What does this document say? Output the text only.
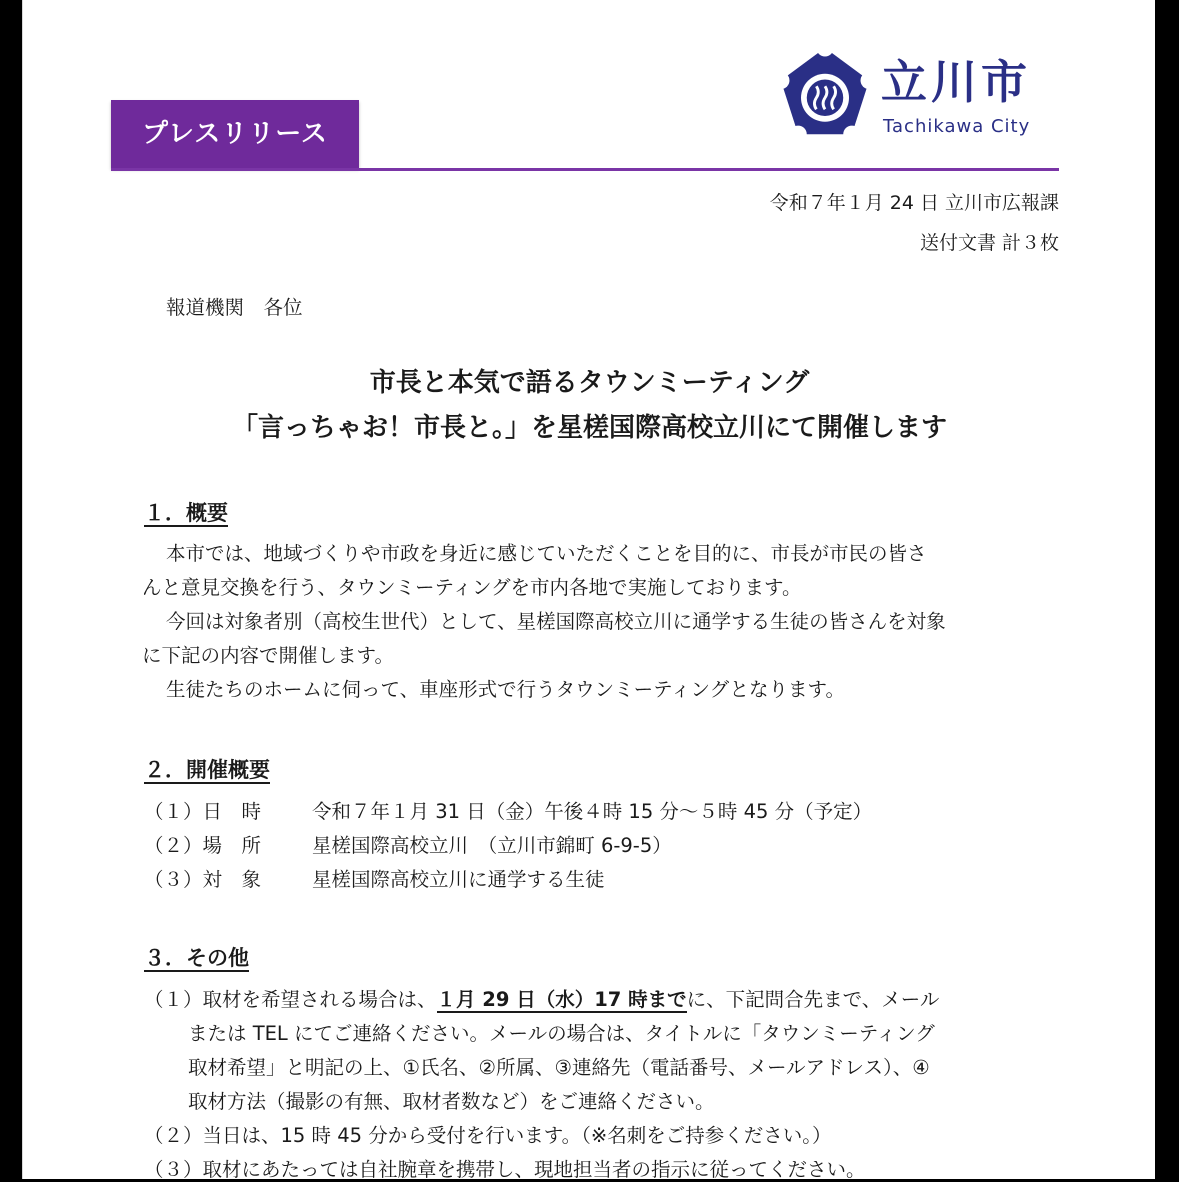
プレスリリース
立川市
Tachikawa City
令和７年１月 24 日 立川市広報課
送付文書 計３枚
報道機関　各位
市長と本気で語るタウンミーティング
「言っちゃお！市長と。」を星槎国際高校立川にて開催します
１．概要
本市では、地域づくりや市政を身近に感じていただくことを目的に、市長が市民の皆さ
んと意見交換を行う、タウンミーティングを市内各地で実施しております。
今回は対象者別（高校生世代）として、星槎国際高校立川に通学する生徒の皆さんを対象
に下記の内容で開催します。
生徒たちのホームに伺って、車座形式で行うタウンミーティングとなります。
２．開催概要
（１）日　時	令和７年１月 31 日（金）午後４時 15 分～５時 45 分（予定）
（２）場　所	星槎国際高校立川　（立川市錦町 6-9-5）
（３）対　象	星槎国際高校立川に通学する生徒
３．その他
（１）取材を希望される場合は、１月 29 日（水）17 時までに、下記問合先まで、メール
または TEL にてご連絡ください。メールの場合は、タイトルに「タウンミーティング
取材希望」と明記の上、①氏名、②所属、③連絡先（電話番号、メールアドレス）、④
取材方法（撮影の有無、取材者数など）をご連絡ください。
（２）当日は、15 時 45 分から受付を行います。（※名刺をご持参ください。）
（３）取材にあたっては自社腕章を携帯し、現地担当者の指示に従ってください。
